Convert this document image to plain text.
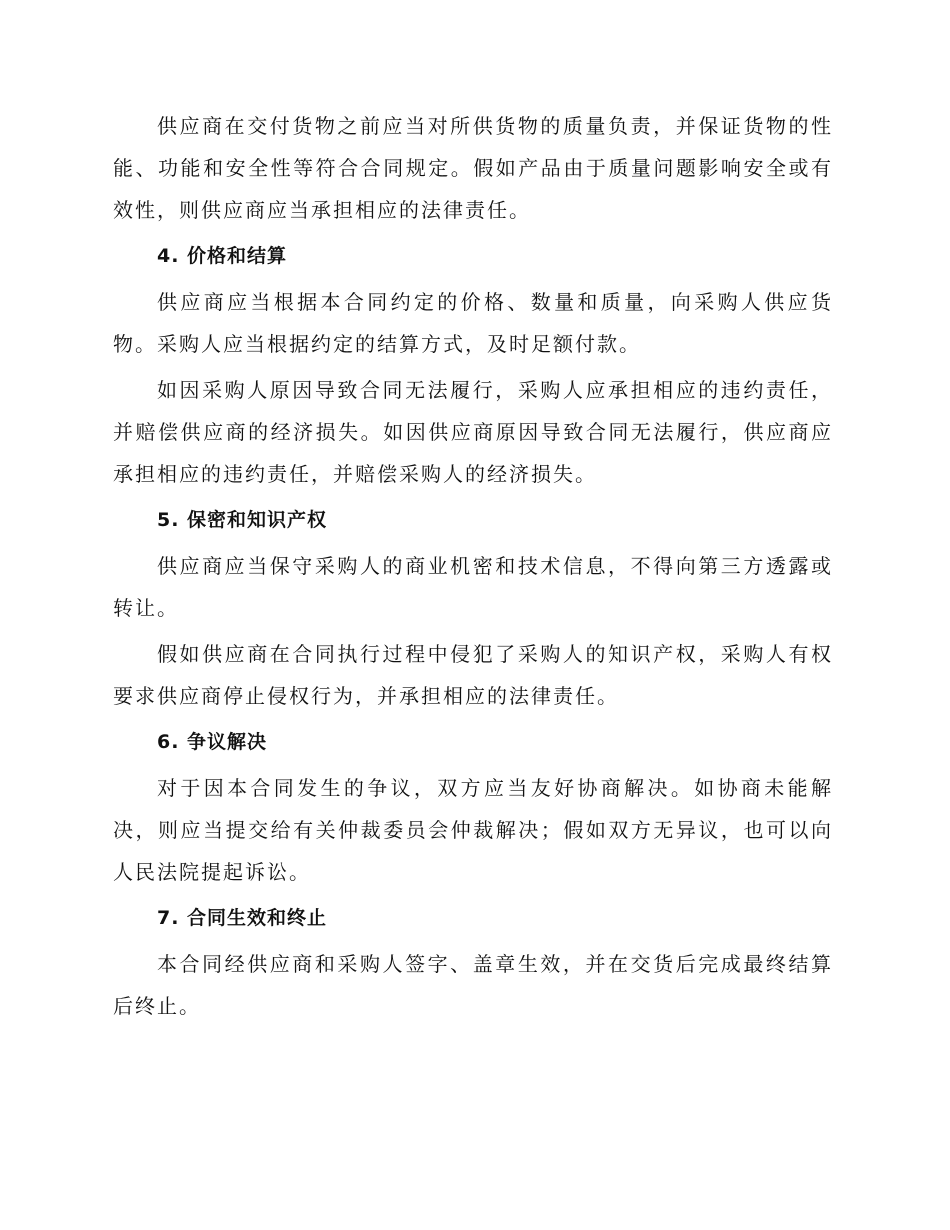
供应商在交付货物之前应当对所供货物的质量负责，并保证货物的性能、功能和安全性等符合合同规定。假如产品由于质量问题影响安全或有效性，则供应商应当承担相应的法律责任。

4. 价格和结算

供应商应当根据本合同约定的价格、数量和质量，向采购人供应货物。采购人应当根据约定的结算方式，及时足额付款。

如因采购人原因导致合同无法履行，采购人应承担相应的违约责任，并赔偿供应商的经济损失。如因供应商原因导致合同无法履行，供应商应承担相应的违约责任，并赔偿采购人的经济损失。

5. 保密和知识产权

供应商应当保守采购人的商业机密和技术信息，不得向第三方透露或转让。

假如供应商在合同执行过程中侵犯了采购人的知识产权，采购人有权要求供应商停止侵权行为，并承担相应的法律责任。

6. 争议解决

对于因本合同发生的争议，双方应当友好协商解决。如协商未能解决，则应当提交给有关仲裁委员会仲裁解决；假如双方无异议，也可以向人民法院提起诉讼。

7. 合同生效和终止

本合同经供应商和采购人签字、盖章生效，并在交货后完成最终结算后终止。
